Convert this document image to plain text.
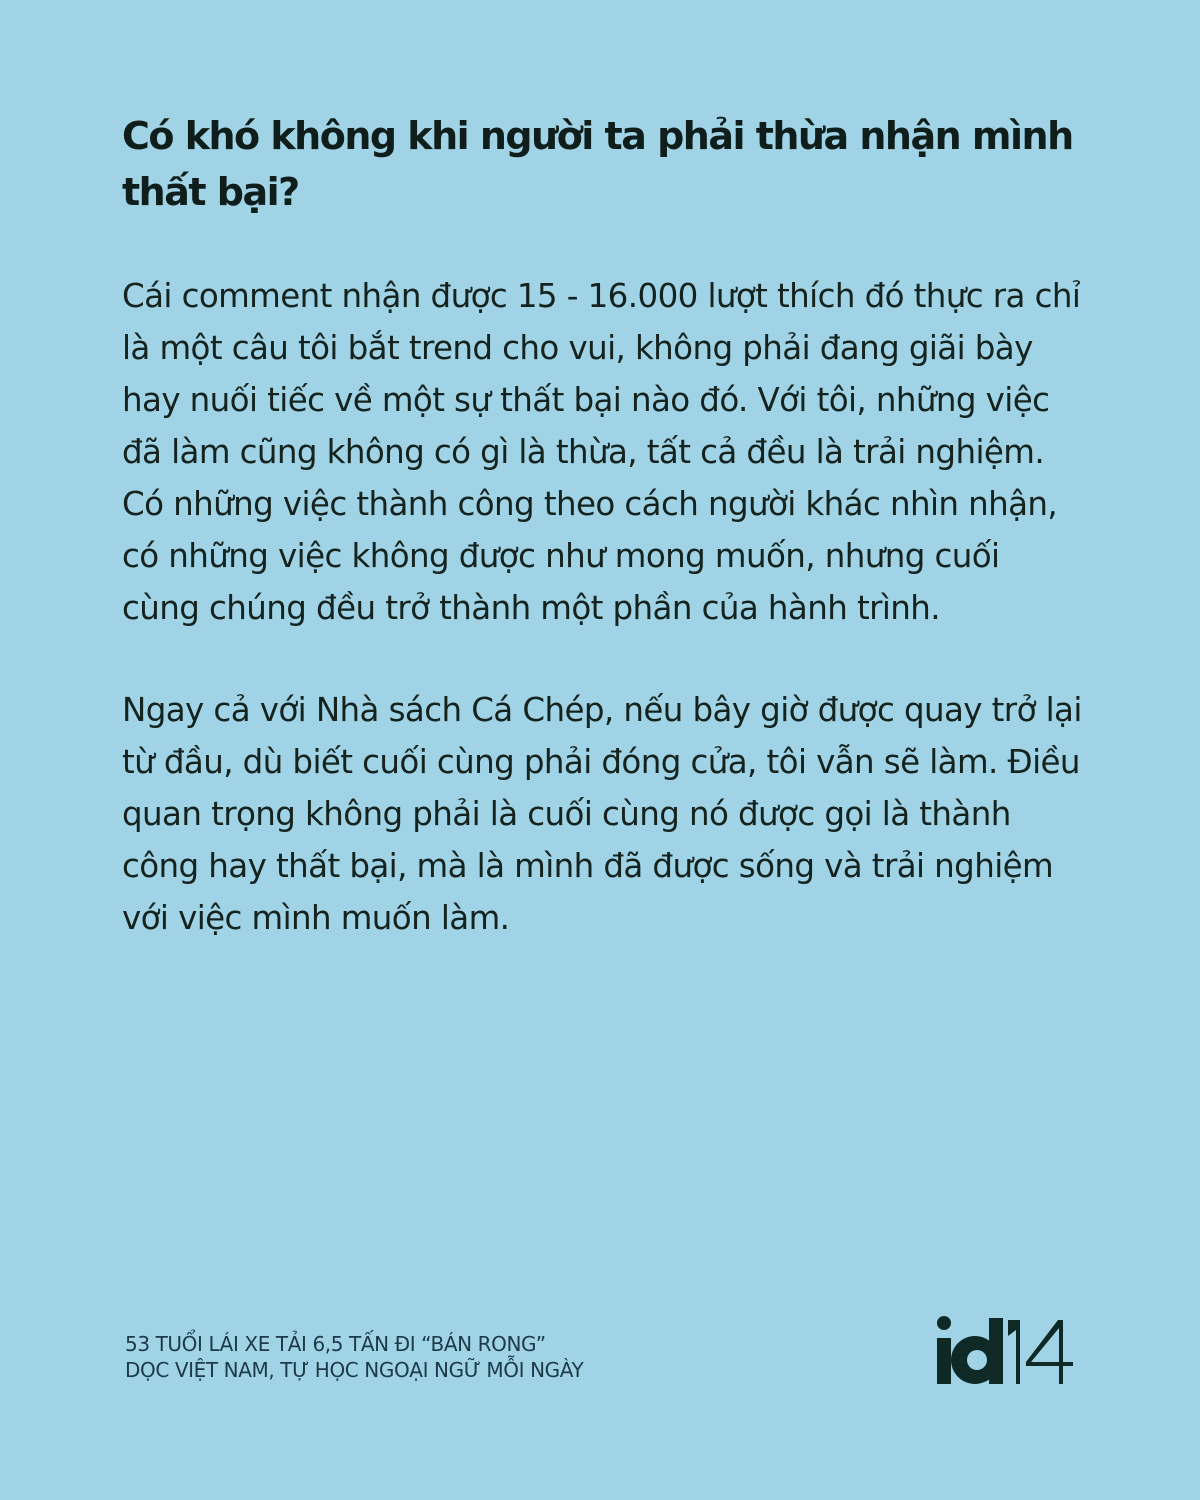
Có khó không khi người ta phải thừa nhận mình thất bại?

Cái comment nhận được 15 - 16.000 lượt thích đó thực ra chỉ là một câu tôi bắt trend cho vui, không phải đang giãi bày hay nuối tiếc về một sự thất bại nào đó. Với tôi, những việc đã làm cũng không có gì là thừa, tất cả đều là trải nghiệm. Có những việc thành công theo cách người khác nhìn nhận, có những việc không được như mong muốn, nhưng cuối cùng chúng đều trở thành một phần của hành trình.

Ngay cả với Nhà sách Cá Chép, nếu bây giờ được quay trở lại từ đầu, dù biết cuối cùng phải đóng cửa, tôi vẫn sẽ làm. Điều quan trọng không phải là cuối cùng nó được gọi là thành công hay thất bại, mà là mình đã được sống và trải nghiệm với việc mình muốn làm.

53 TUỔI LÁI XE TẢI 6,5 TẤN ĐI “BÁN RONG”
DỌC VIỆT NAM, TỰ HỌC NGOẠI NGỮ MỖI NGÀY
